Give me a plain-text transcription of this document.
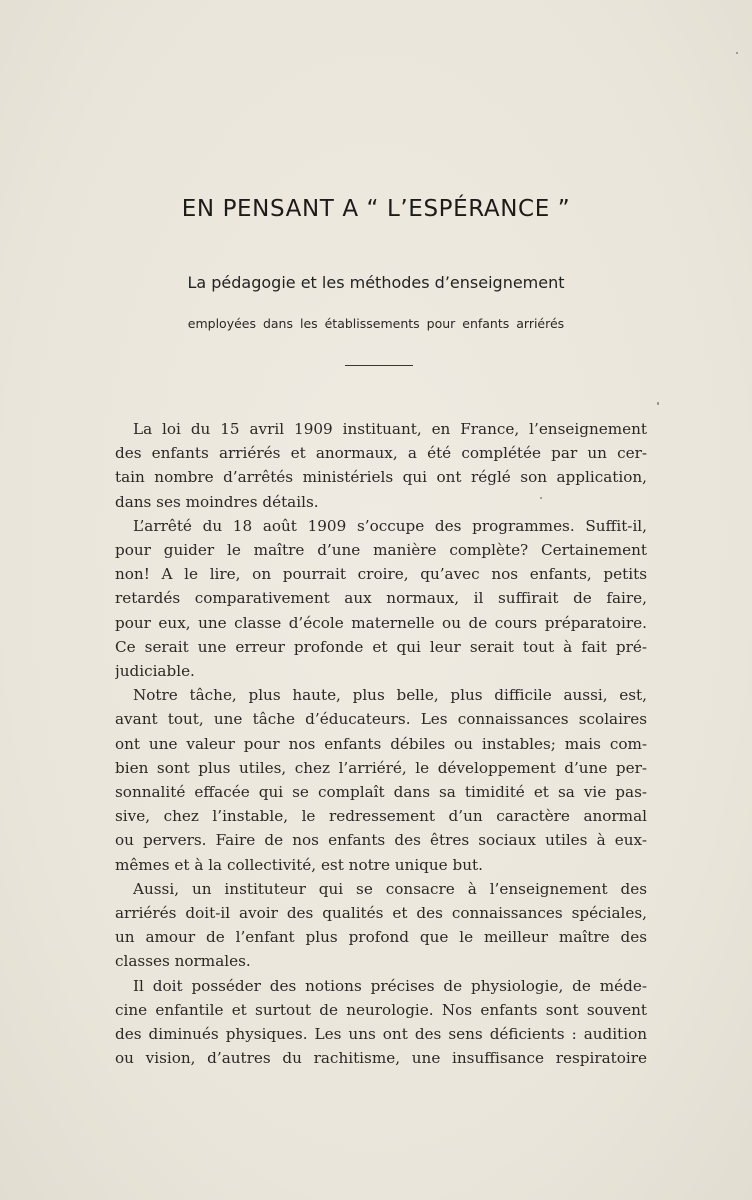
EN PENSANT A “ L’ESPÉRANCE ”
La pédagogie et les méthodes d’enseignement
employées dans les établissements pour enfants arriérés
La loi du 15 avril 1909 instituant, en France, l’enseignement
des enfants arriérés et anormaux, a été complétée par un cer-
tain nombre d’arrêtés ministériels qui ont réglé son application,
dans ses moindres détails.
L’arrêté du 18 août 1909 s’occupe des programmes. Suffit-il,
pour guider le maître d’une manière complète? Certainement
non! A le lire, on pourrait croire, qu’avec nos enfants, petits
retardés comparativement aux normaux, il suffirait de faire,
pour eux, une classe d’école maternelle ou de cours préparatoire.
Ce serait une erreur profonde et qui leur serait tout à fait pré-
judiciable.
Notre tâche, plus haute, plus belle, plus difficile aussi, est,
avant tout, une tâche d’éducateurs. Les connaissances scolaires
ont une valeur pour nos enfants débiles ou instables; mais com-
bien sont plus utiles, chez l’arriéré, le développement d’une per-
sonnalité effacée qui se complaît dans sa timidité et sa vie pas-
sive, chez l’instable, le redressement d’un caractère anormal
ou pervers. Faire de nos enfants des êtres sociaux utiles à eux-
mêmes et à la collectivité, est notre unique but.
Aussi, un instituteur qui se consacre à l’enseignement des
arriérés doit-il avoir des qualités et des connaissances spéciales,
un amour de l’enfant plus profond que le meilleur maître des
classes normales.
Il doit posséder des notions précises de physiologie, de méde-
cine enfantile et surtout de neurologie. Nos enfants sont souvent
des diminués physiques. Les uns ont des sens déficients : audition
ou vision, d’autres du rachitisme, une insuffisance respiratoire
